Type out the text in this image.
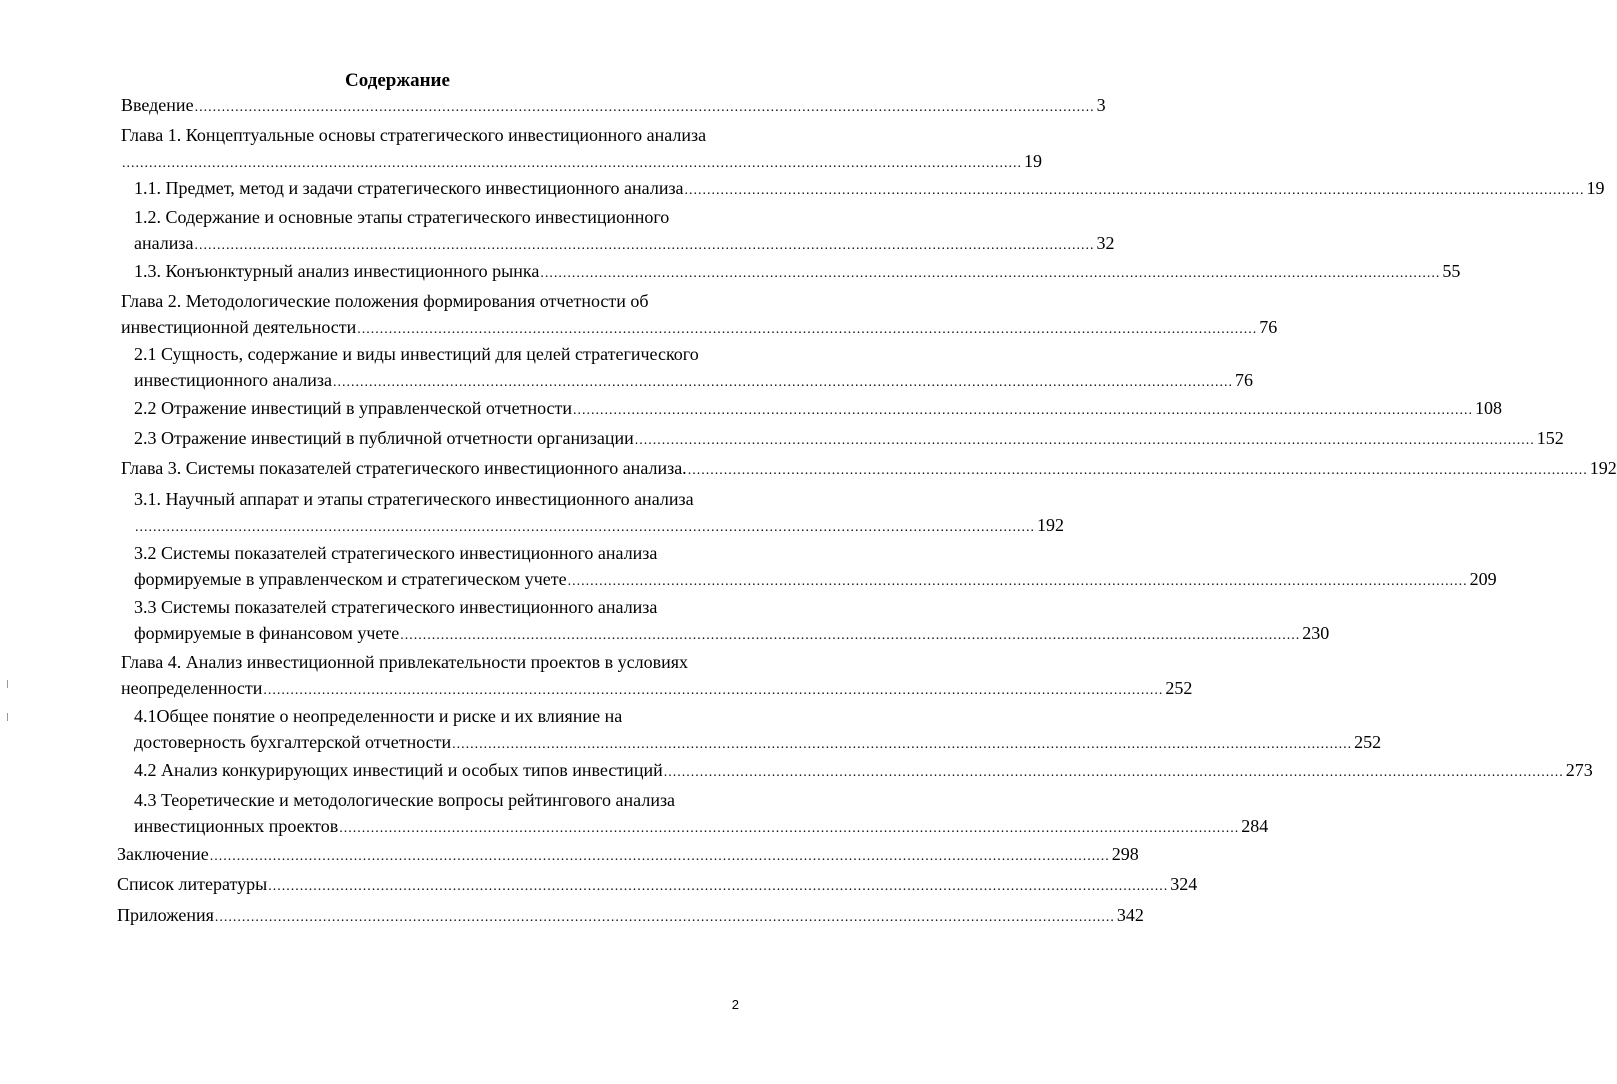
Содержание
Введение ........................................................................................................................................................................................................ 3
Глава 1. Концептуальные основы стратегического инвестиционного анализа
........................................................................................................................................................................................................ 19
1.1. Предмет, метод и задачи стратегического инвестиционного анализа ........................................................................................................................................................................................................ 19
1.2. Содержание и основные этапы стратегического инвестиционного
анализа ........................................................................................................................................................................................................ 32
1.3. Конъюнктурный анализ инвестиционного рынка ........................................................................................................................................................................................................ 55
Глава 2. Методологические положения формирования отчетности об
инвестиционной деятельности ........................................................................................................................................................................................................ 76
2.1 Сущность, содержание и виды инвестиций для целей стратегического
инвестиционного анализа ........................................................................................................................................................................................................ 76
2.2 Отражение инвестиций в управленческой отчетности ........................................................................................................................................................................................................ 108
2.3 Отражение инвестиций в публичной отчетности организации ........................................................................................................................................................................................................ 152
Глава 3. Системы показателей стратегического инвестиционного анализа. ........................................................................................................................................................................................................ 192
3.1. Научный аппарат и этапы стратегического инвестиционного анализа
........................................................................................................................................................................................................ 192
3.2 Системы показателей стратегического инвестиционного анализа
формируемые в управленческом и стратегическом учете ........................................................................................................................................................................................................ 209
3.3 Системы показателей стратегического инвестиционного анализа
формируемые в финансовом учете ........................................................................................................................................................................................................ 230
Глава 4. Анализ инвестиционной привлекательности проектов в условиях
неопределенности ........................................................................................................................................................................................................ 252
4.1Общее понятие о неопределенности и риске и их влияние на
достоверность бухгалтерской отчетности ........................................................................................................................................................................................................ 252
4.2 Анализ конкурирующих инвестиций и особых типов инвестиций ........................................................................................................................................................................................................ 273
4.3 Теоретические и методологические вопросы рейтингового анализа
инвестиционных проектов ........................................................................................................................................................................................................ 284
Заключение ........................................................................................................................................................................................................ 298
Список литературы ........................................................................................................................................................................................................ 324
Приложения ........................................................................................................................................................................................................ 342
2
